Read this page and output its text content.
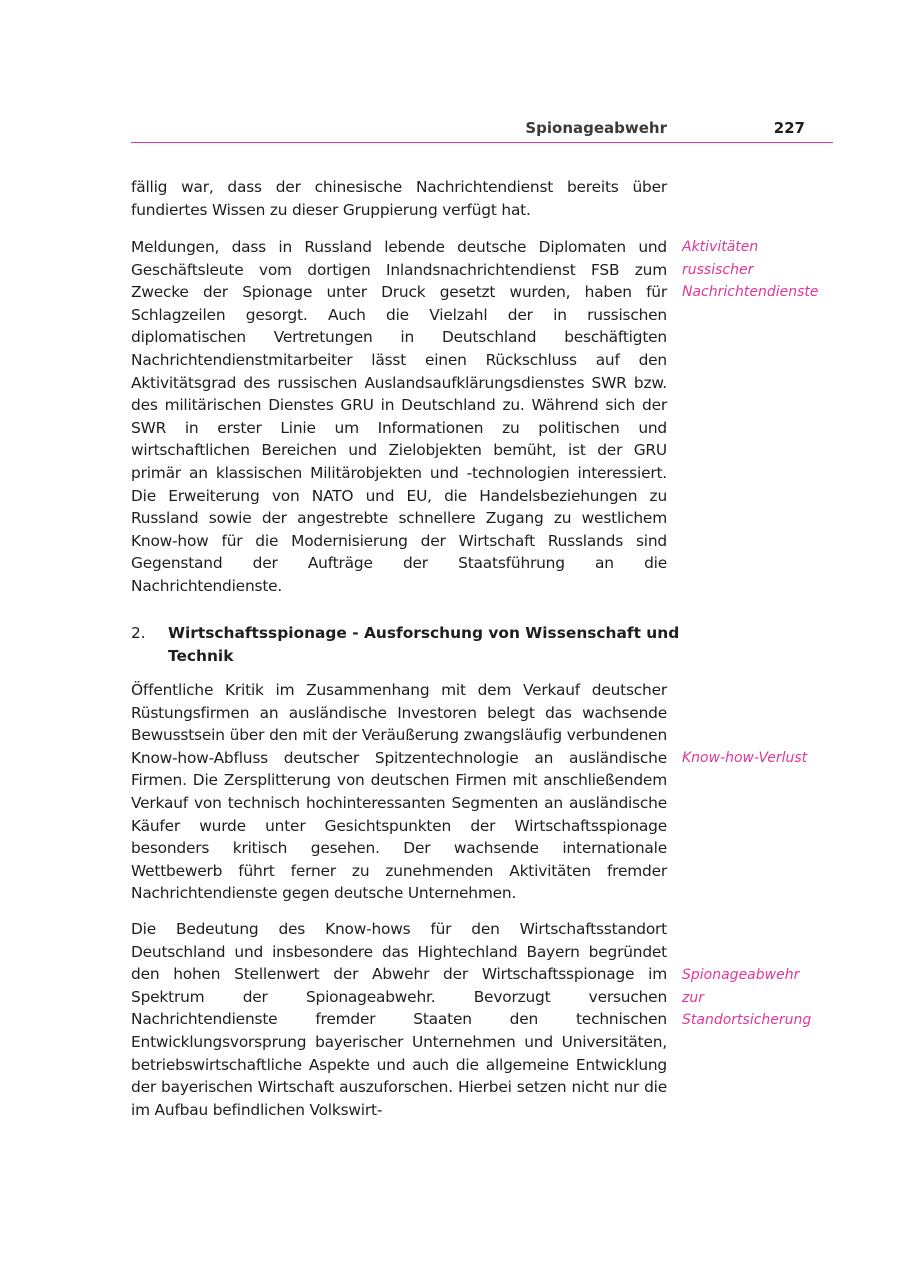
Spionageabwehr	227

fällig war, dass der chinesische Nachrichtendienst bereits über fundiertes Wissen zu dieser Gruppierung verfügt hat.

Meldungen, dass in Russland lebende deutsche Diplomaten und Geschäftsleute vom dortigen Inlandsnachrichtendienst FSB zum Zwecke der Spionage unter Druck gesetzt wurden, haben für Schlagzeilen gesorgt. Auch die Vielzahl der in russischen diplomatischen Vertretungen in Deutschland beschäftigten Nachrichtendienstmitarbeiter lässt einen Rückschluss auf den Aktivitätsgrad des russischen Auslandsaufklärungsdienstes SWR bzw. des militärischen Dienstes GRU in Deutschland zu. Während sich der SWR in erster Linie um Informationen zu politischen und wirtschaftlichen Bereichen und Zielobjekten bemüht, ist der GRU primär an klassischen Militärobjekten und -technologien interessiert. Die Erweiterung von NATO und EU, die Handelsbeziehungen zu Russland sowie der angestrebte schnellere Zugang zu westlichem Know-how für die Modernisierung der Wirtschaft Russlands sind Gegenstand der Aufträge der Staatsführung an die Nachrichtendienste.

Aktivitäten russischer Nachrichtendienste

2. Wirtschaftsspionage - Ausforschung von Wissenschaft und Technik

Öffentliche Kritik im Zusammenhang mit dem Verkauf deutscher Rüstungsfirmen an ausländische Investoren belegt das wachsende Bewusstsein über den mit der Veräußerung zwangsläufig verbundenen Know-how-Abfluss deutscher Spitzentechnologie an ausländische Firmen. Die Zersplitterung von deutschen Firmen mit anschließendem Verkauf von technisch hochinteressanten Segmenten an ausländische Käufer wurde unter Gesichtspunkten der Wirtschaftsspionage besonders kritisch gesehen. Der wachsende internationale Wettbewerb führt ferner zu zunehmenden Aktivitäten fremder Nachrichtendienste gegen deutsche Unternehmen.

Know-how-Verlust

Die Bedeutung des Know-hows für den Wirtschaftsstandort Deutschland und insbesondere das Hightechland Bayern begründet den hohen Stellenwert der Abwehr der Wirtschaftsspionage im Spektrum der Spionageabwehr. Bevorzugt versuchen Nachrichtendienste fremder Staaten den technischen Entwicklungsvorsprung bayerischer Unternehmen und Universitäten, betriebswirtschaftliche Aspekte und auch die allgemeine Entwicklung der bayerischen Wirtschaft auszuforschen. Hierbei setzen nicht nur die im Aufbau befindlichen Volkswirt-

Spionageabwehr zur Standortsicherung
